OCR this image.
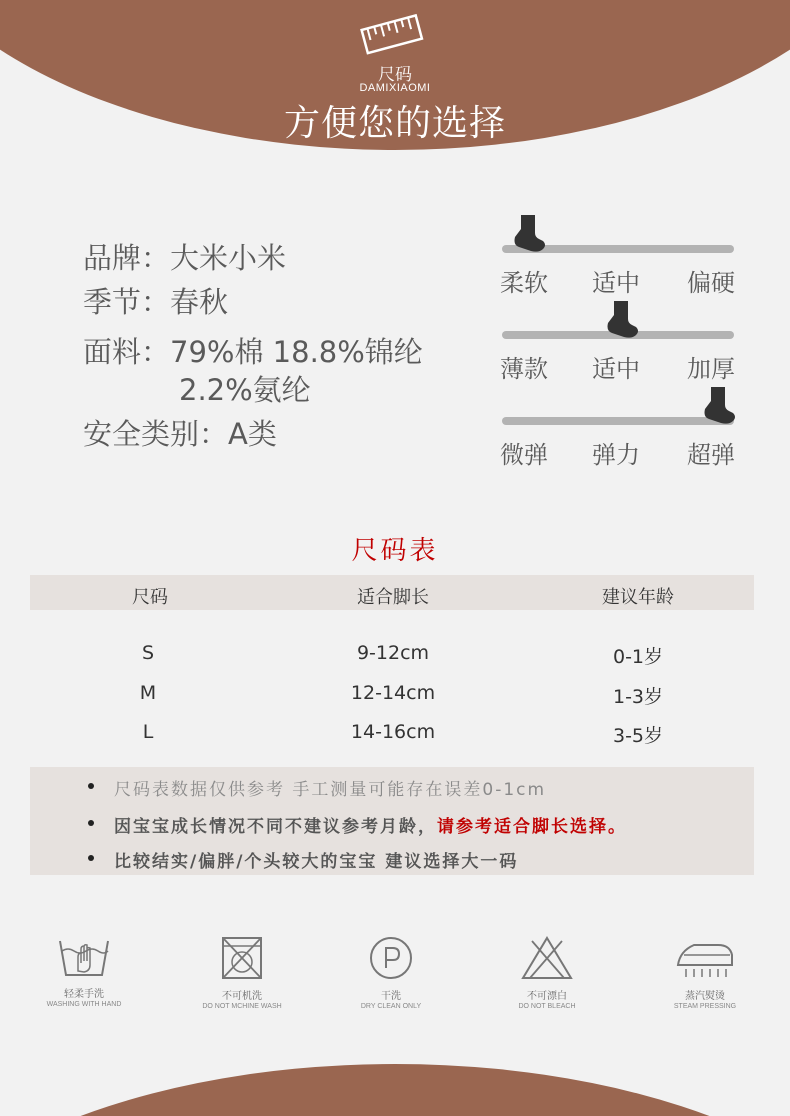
尺码
DAMIXIAOMI
方便您的选择
品牌：大米小米
季节：春秋
面料：79%棉 18.8%锦纶
2.2%氨纶
安全类别：A类
柔软 适中 偏硬
薄款 适中 加厚
微弹 弹力 超弹
尺码表
尺码	适合脚长	建议年龄
S	9-12cm	0-1岁
M	12-14cm	1-3岁
L	14-16cm	3-5岁
尺码表数据仅供参考 手工测量可能存在误差0-1cm
因宝宝成长情况不同不建议参考月龄，请参考适合脚长选择。
比较结实/偏胖/个头较大的宝宝 建议选择大一码
轻柔手洗
WASHING WITH HAND
不可机洗
DO NOT MCHINE WASH
干洗
DRY CLEAN ONLY
不可漂白
DO NOT BLEACH
蒸汽熨烫
STEAM PRESSING
